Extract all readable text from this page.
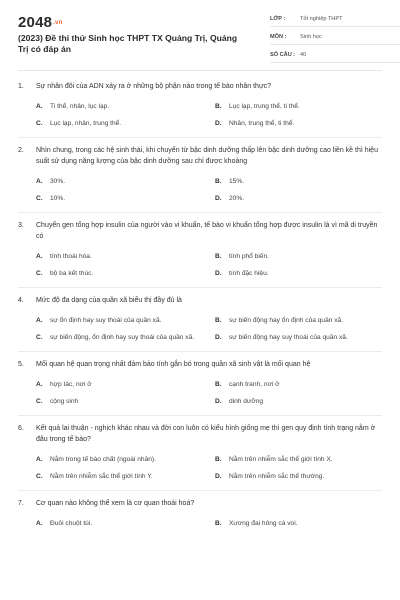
2048.vn
(2023) Đề thi thử Sinh học THPT TX Quảng Trị, Quảng Trị có đáp án
LỚP :	Tốt nghiệp THPT
MÔN :	Sinh học
SỐ CÂU : 40
1.	Sự nhân đôi của ADN xảy ra ở những bộ phận nào trong tế bào nhân thực?
A.	Ti thể, nhân, lục lạp.	B.	Lục lạp, trung thể, ti thể.
C.	Lục lạp, nhân, trung thể.	D.	Nhân, trung thể, ti thể.
2.	Nhìn chung, trong các hệ sinh thái, khi chuyển từ bậc dinh dưỡng thấp lên bậc dinh dưỡng cao liền kề thì hiệu suất sử dụng năng lượng của bậc dinh dưỡng sau chỉ được khoảng
A.	30%.	B.	15%.
C.	10%.	D.	20%.
3.	Chuyển gen tổng hợp insulin của người vào vi khuẩn, tế bào vi khuẩn tổng hợp được insulin là vì mã di truyền có
A.	tính thoái hóa.	B.	tính phổ biến.
C.	bộ ba kết thúc.	D.	tính đặc hiệu.
4.	Mức độ đa dạng của quần xã biểu thị đầy đủ là
A.	sự ổn định hay suy thoái của quần xã.	B.	sự biến động hay ổn định của quần xã.
C.	sự biến động, ổn định hay suy thoái của quần xã.	D.	sự biến động hay suy thoái của quần xã.
5.	Mối quan hệ quan trọng nhất đảm bảo tính gắn bó trong quần xã sinh vật là mối quan hệ
A.	hợp tác, nơi ở	B.	cạnh tranh, nơi ở
C.	cộng sinh	D.	dinh dưỡng
6.	Kết quả lai thuận - nghịch khác nhau và đời con luôn có kiểu hình giống mẹ thì gen quy định tính trạng nằm ở đâu trong tế bào?
A.	Nằm trong tế bào chất (ngoài nhân).	B.	Nằm trên nhiễm sắc thể giới tính X.
C.	Nằm trên nhiễm sắc thể giới tính Y.	D.	Nằm trên nhiễm sắc thể thường.
7.	Cơ quan nào không thể xem là cơ quan thoái hoá?
A.	Đuôi chuột túi.	B.	Xương đai hông cá voi.
